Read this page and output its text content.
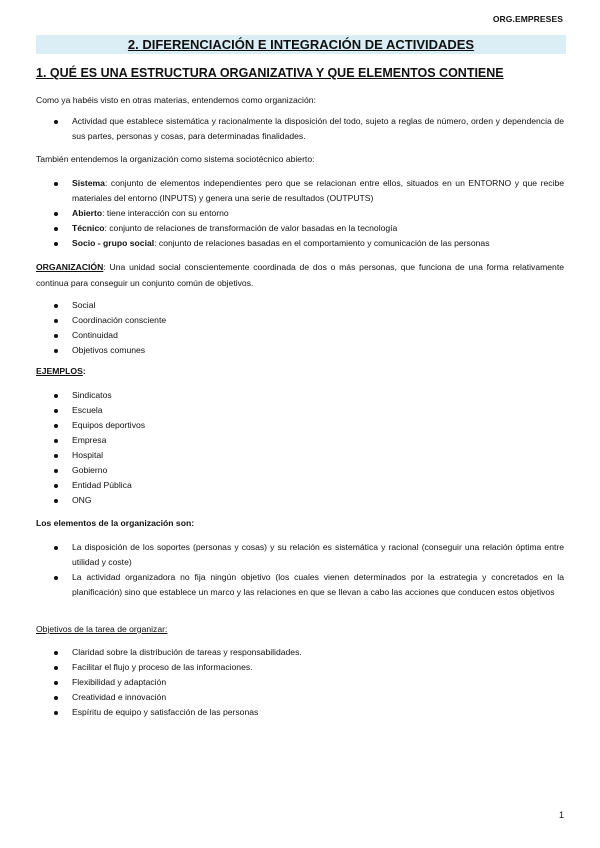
ORG.EMPRESES
2. DIFERENCIACIÓN E INTEGRACIÓN DE ACTIVIDADES
1. QUÉ ES UNA ESTRUCTURA ORGANIZATIVA Y QUE ELEMENTOS CONTIENE
Como ya habéis visto en otras materias, entendemos como organización:
Actividad que establece sistemática y racionalmente la disposición del todo, sujeto a reglas de número, orden y dependencia de sus partes, personas y cosas, para determinadas finalidades.
También entendemos la organización como sistema sociotécnico abierto:
Sistema: conjunto de elementos independientes pero que se relacionan entre ellos, situados en un ENTORNO y que recibe materiales del entorno (INPUTS) y genera una serie de resultados (OUTPUTS)
Abierto: tiene interacción con su entorno
Técnico: conjunto de relaciones de transformación de valor basadas en la tecnología
Socio - grupo social: conjunto de relaciones basadas en el comportamiento y comunicación de las personas
ORGANIZACIÓN: Una unidad social conscientemente coordinada de dos o más personas, que funciona de una forma relativamente continua para conseguir un conjunto común de objetivos.
Social
Coordinación consciente
Continuidad
Objetivos comunes
EJEMPLOS:
Sindicatos
Escuela
Equipos deportivos
Empresa
Hospital
Gobierno
Entidad Pública
ONG
Los elementos de la organización son:
La disposición de los soportes (personas y cosas) y su relación es sistemática y racional (conseguir una relación óptima entre utilidad y coste)
La actividad organizadora no fija ningún objetivo (los cuales vienen determinados por la estrategia y concretados en la planificación) sino que establece un marco y las relaciones en que se llevan a cabo las acciones que conducen estos objetivos
Objetivos de la tarea de organizar:
Claridad sobre la distribución de tareas y responsabilidades.
Facilitar el flujo y proceso de las informaciones.
Flexibilidad y adaptación
Creatividad e innovación
Espíritu de equipo y satisfacción de las personas
1
